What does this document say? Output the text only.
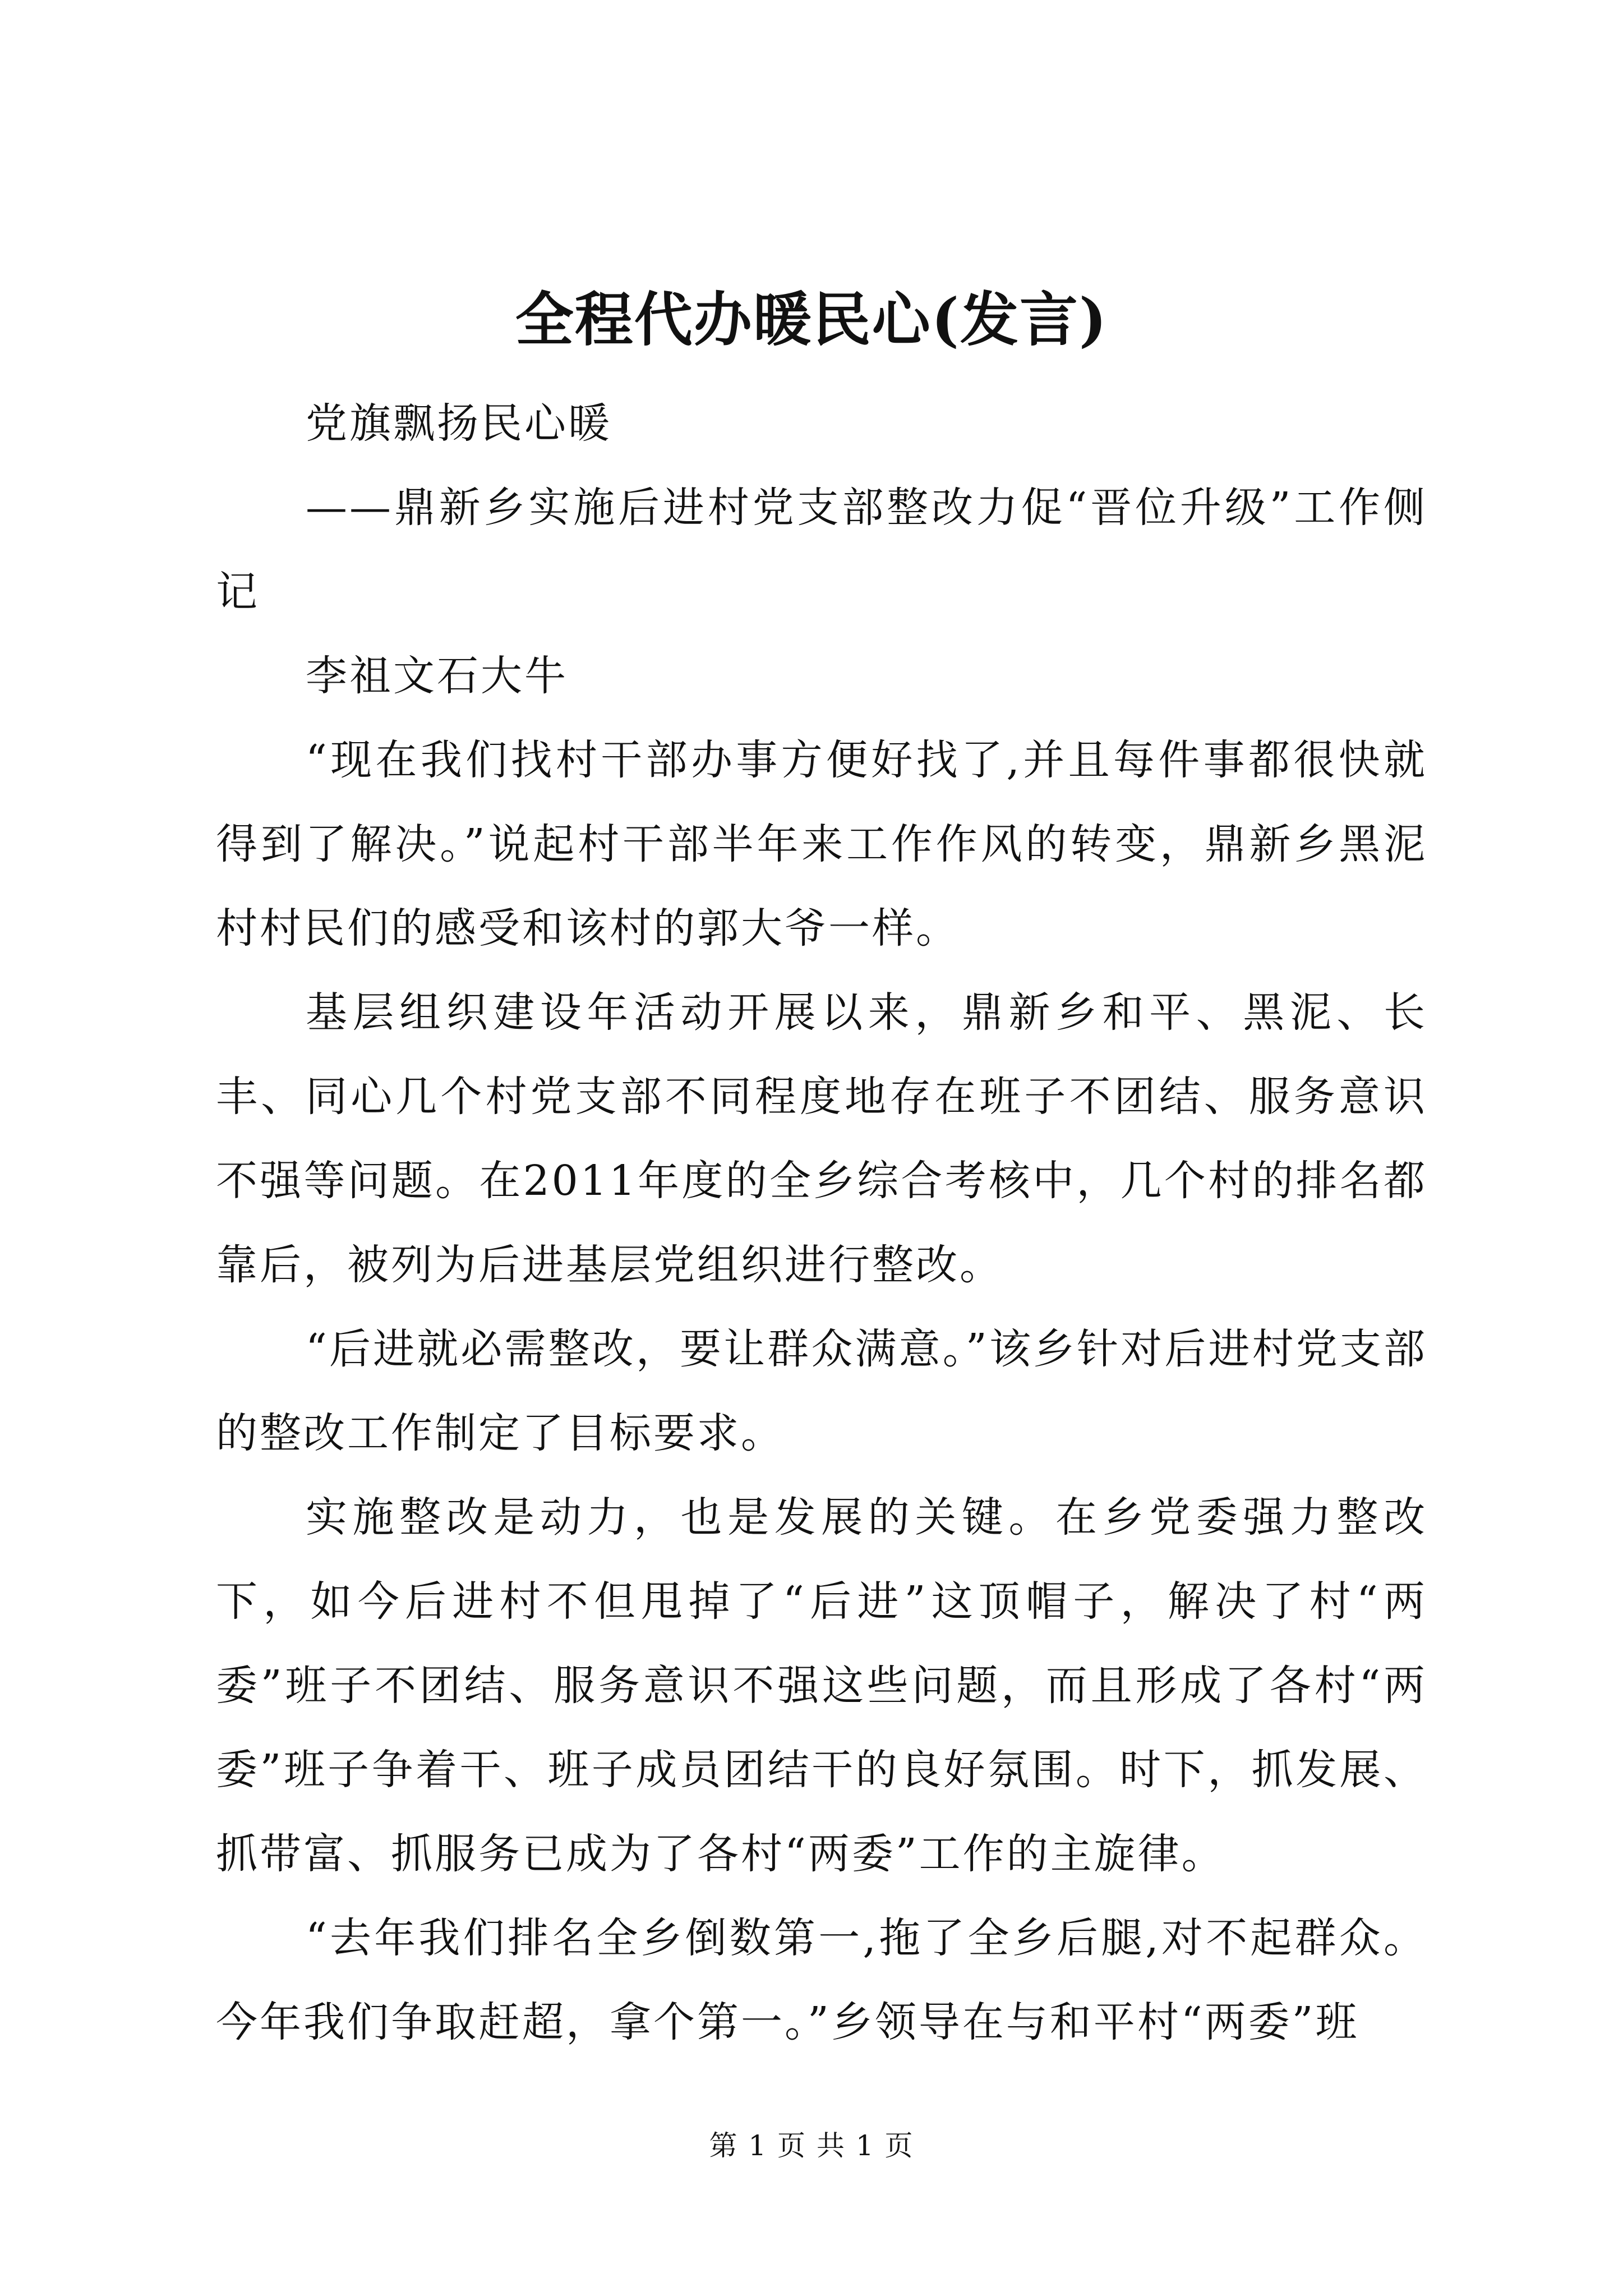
全程代办暖民心(发言)

党旗飘扬民心暖

——鼎新乡实施后进村党支部整改力促“晋位升级”工作侧记

李祖文石大牛

“现在我们找村干部办事方便好找了,并且每件事都很快就得到了解决。”说起村干部半年来工作作风的转变，鼎新乡黑泥村村民们的感受和该村的郭大爷一样。

基层组织建设年活动开展以来，鼎新乡和平、黑泥、长丰、同心几个村党支部不同程度地存在班子不团结、服务意识不强等问题。在2011年度的全乡综合考核中，几个村的排名都靠后，被列为后进基层党组织进行整改。

“后进就必需整改，要让群众满意。”该乡针对后进村党支部的整改工作制定了目标要求。

实施整改是动力，也是发展的关键。在乡党委强力整改下，如今后进村不但甩掉了“后进”这顶帽子，解决了村“两委”班子不团结、服务意识不强这些问题，而且形成了各村“两委”班子争着干、班子成员团结干的良好氛围。时下，抓发展、抓带富、抓服务已成为了各村“两委”工作的主旋律。

“去年我们排名全乡倒数第一,拖了全乡后腿,对不起群众。今年我们争取赶超，拿个第一。”乡领导在与和平村“两委”班

第 1 页 共 1 页
